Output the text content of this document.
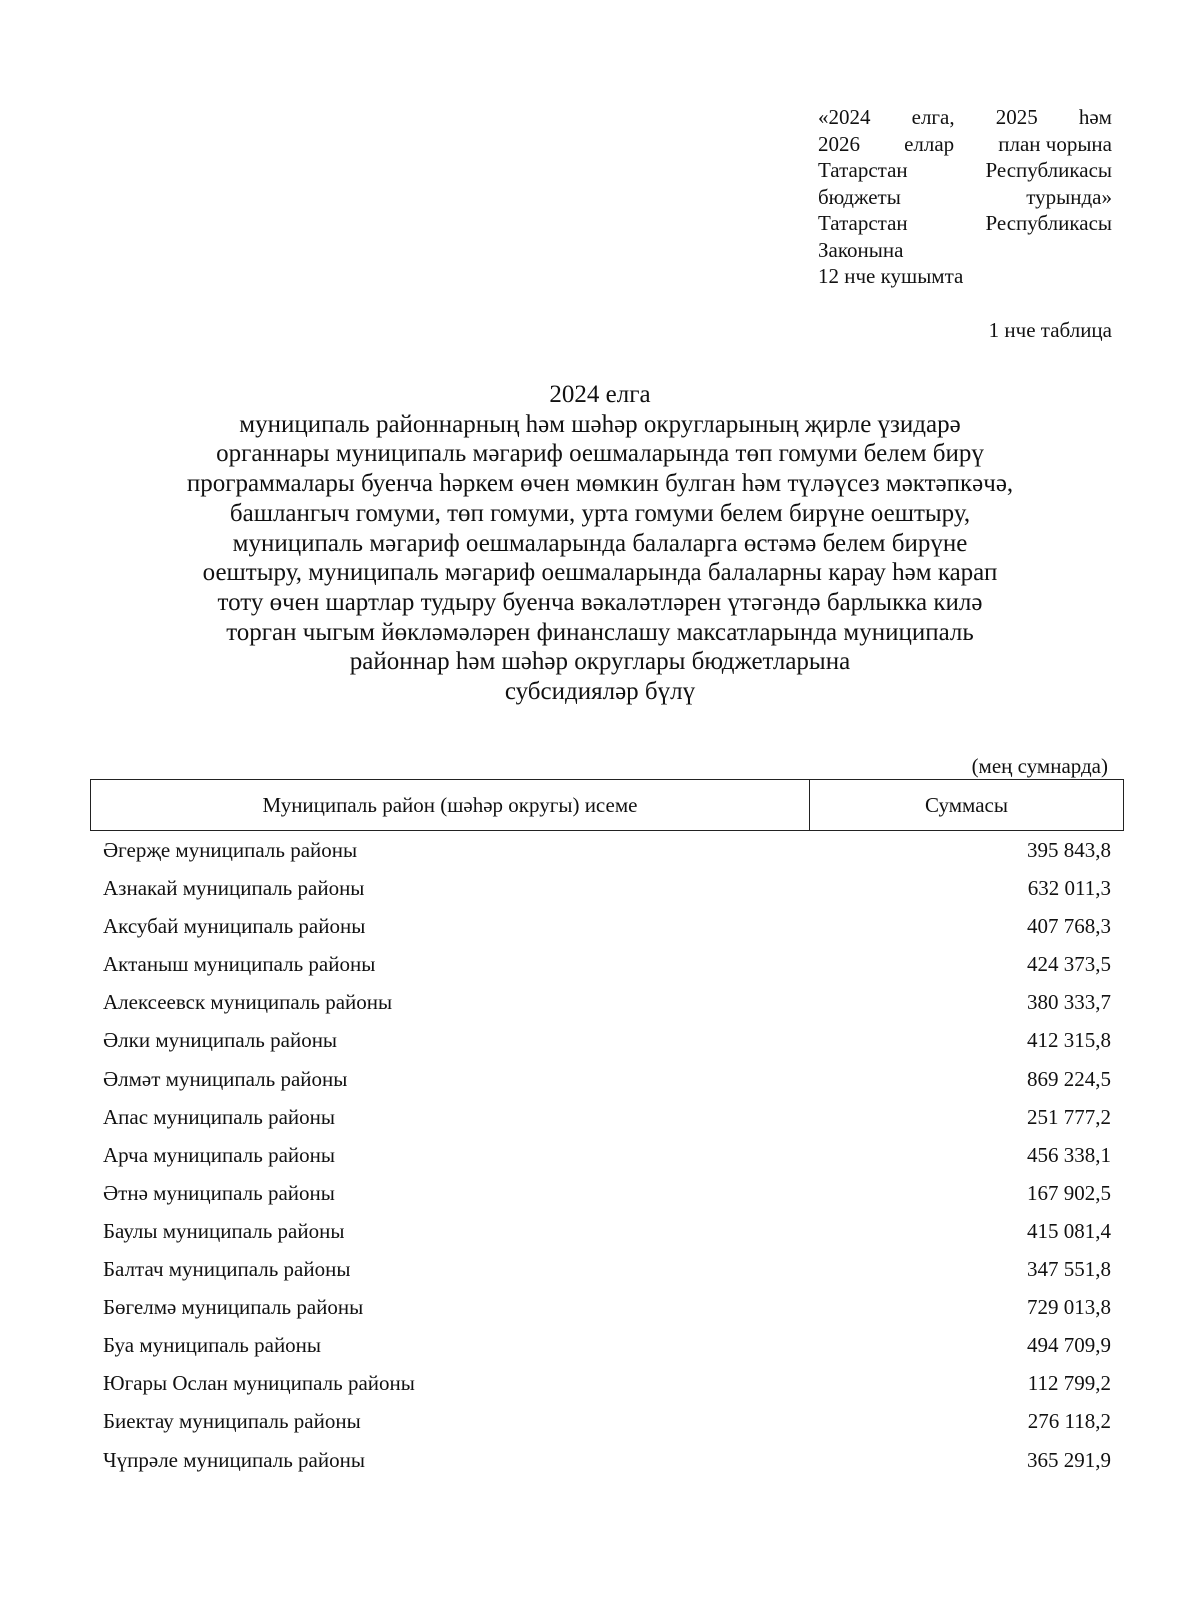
«2024 елга, 2025 һәм
2026 еллар план чорына
Татарстан	Республикасы
бюджеты	турында»
Татарстан	Республикасы
Законына
12 нче кушымта
1 нче таблица
2024 елга
муниципаль районнарның һәм шәһәр округларының җирле үзидарә
органнары муниципаль мәгариф оешмаларында төп гомуми белем бирү
программалары буенча һәркем өчен мөмкин булган һәм түләүсез мәктәпкәчә,
башлангыч гомуми, төп гомуми, урта гомуми белем бирүне оештыру,
муниципаль мәгариф оешмаларында балаларга өстәмә белем бирүне
оештыру, муниципаль мәгариф оешмаларында балаларны карау һәм карап
тоту өчен шартлар тудыру буенча вәкаләтләрен үтәгәндә барлыкка килә
торган чыгым йөкләмәләрен финанслашу максатларында муниципаль
районнар һәм шәһәр округлары бюджетларына
субсидияләр бүлү
(мең сумнарда)
Муниципаль район (шәһәр округы) исеме	Суммасы
Әгерҗе муниципаль районы	395 843,8
Азнакай муниципаль районы	632 011,3
Аксубай муниципаль районы	407 768,3
Актаныш муниципаль районы	424 373,5
Алексеевск муниципаль районы	380 333,7
Әлки муниципаль районы	412 315,8
Әлмәт муниципаль районы	869 224,5
Апас муниципаль районы	251 777,2
Арча муниципаль районы	456 338,1
Әтнә муниципаль районы	167 902,5
Баулы муниципаль районы	415 081,4
Балтач муниципаль районы	347 551,8
Бөгелмә муниципаль районы	729 013,8
Буа муниципаль районы	494 709,9
Югары Ослан муниципаль районы	112 799,2
Биектау муниципаль районы	276 118,2
Чүпрәле муниципаль районы	365 291,9
